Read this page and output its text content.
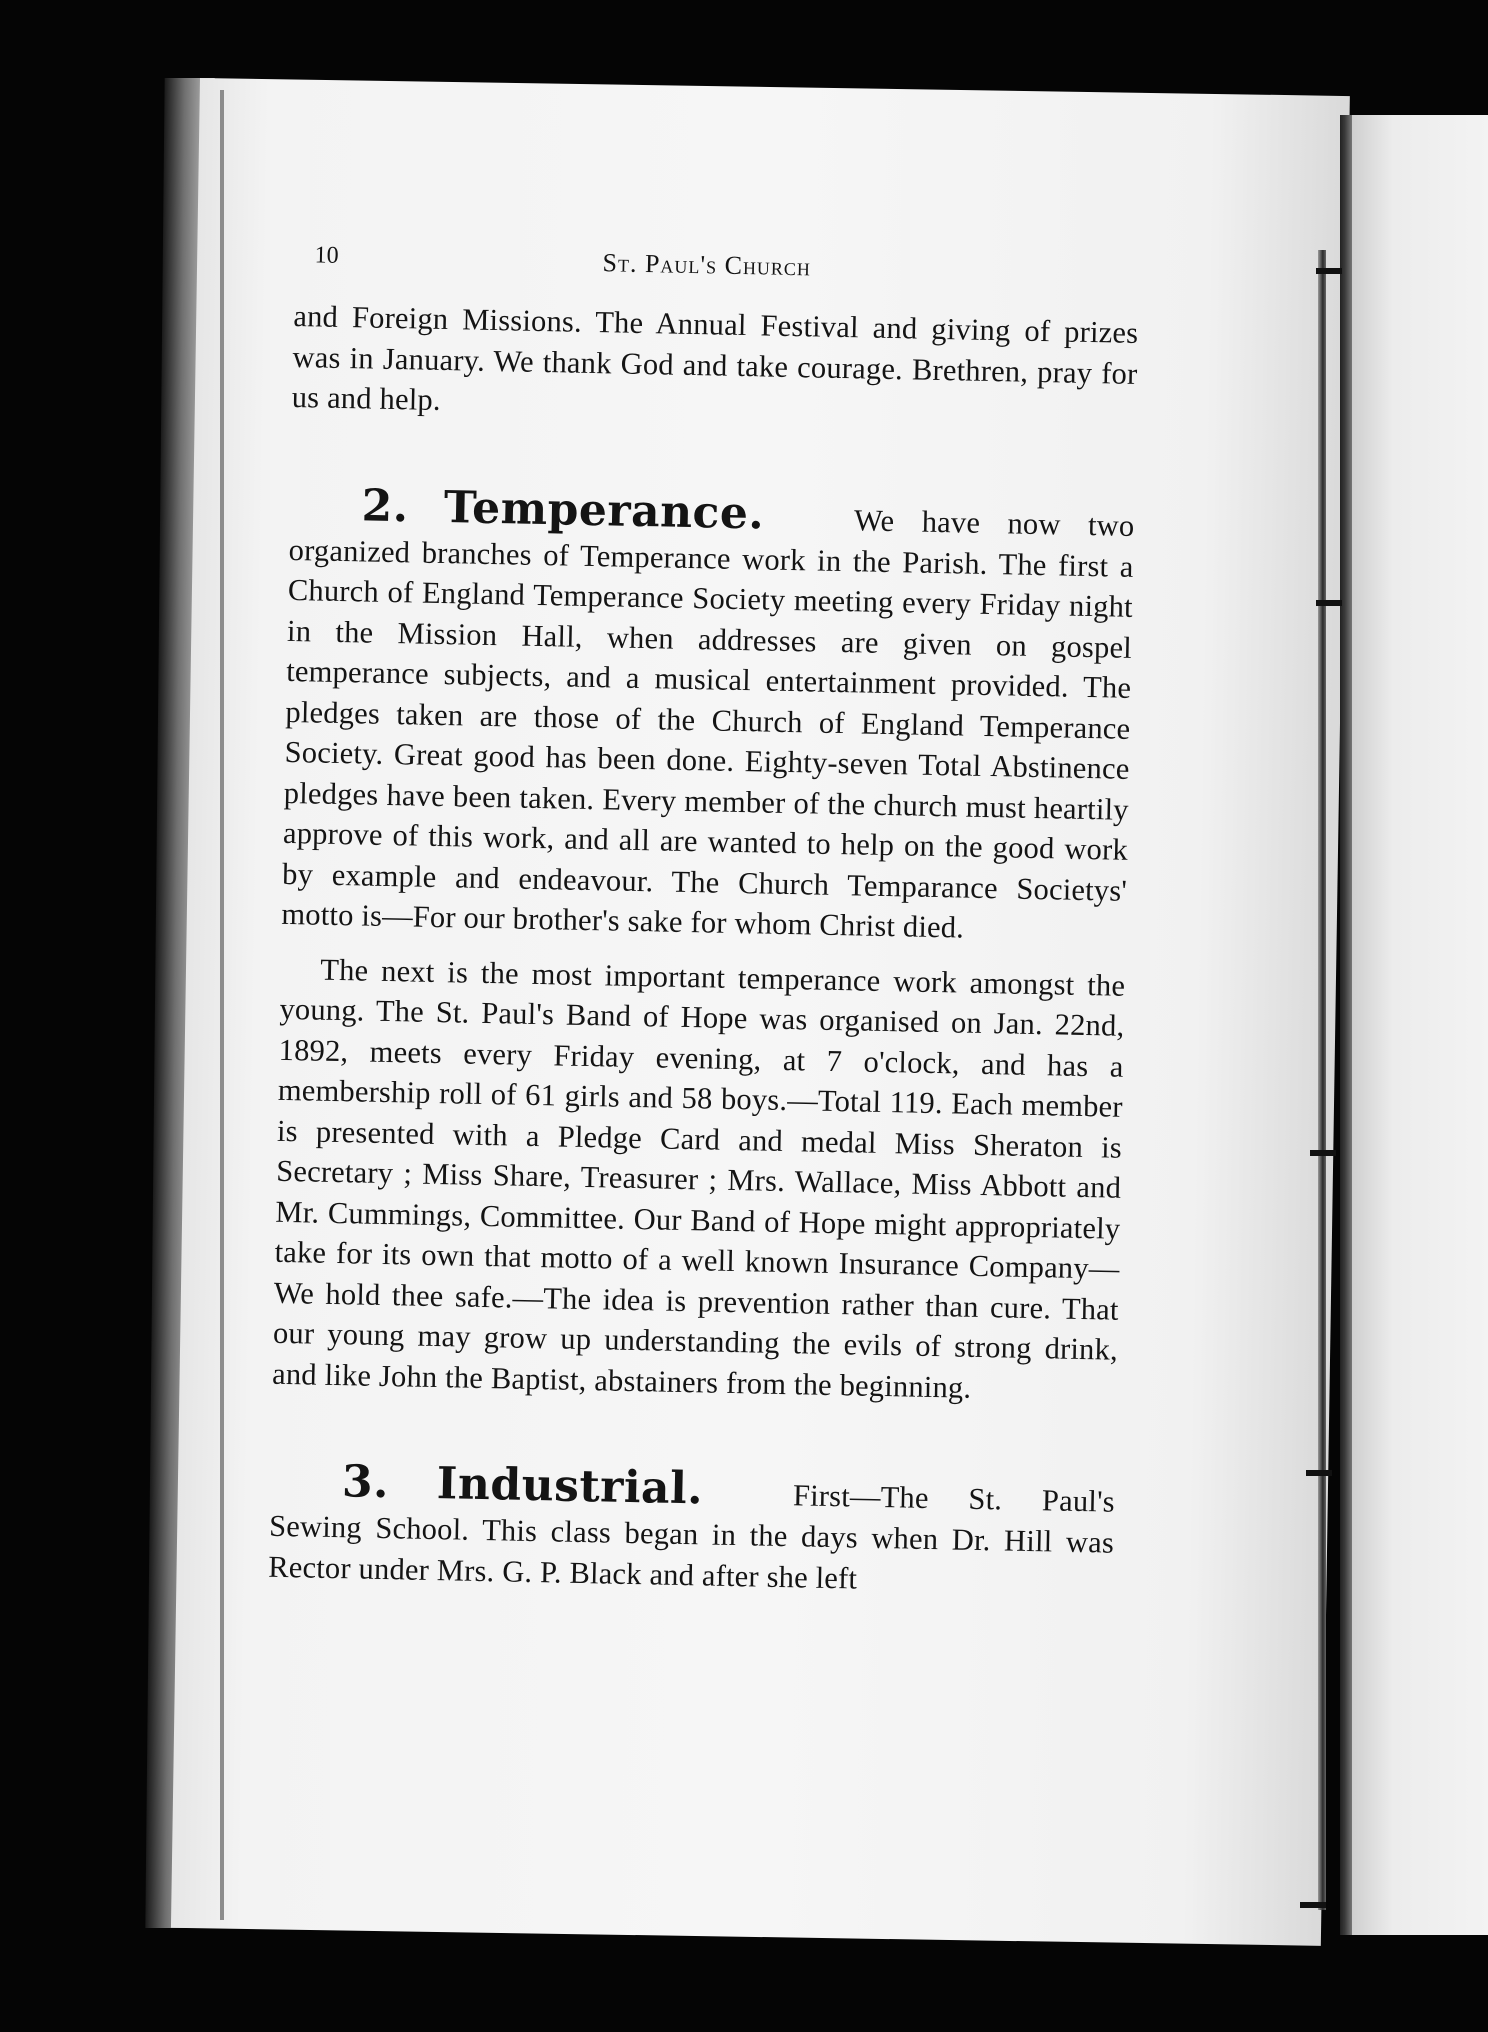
10	St. Paul's Church

and Foreign Missions. The Annual Festival and giving of prizes was in January. We thank God and take courage. Brethren, pray for us and help.

2. Temperance.	We have now two organized branches of Temperance work in the Parish. The first a Church of England Temperance Society meeting every Friday night in the Mission Hall, when addresses are given on gospel temperance subjects, and a musical entertainment provided. The pledges taken are those of the Church of England Temperance Society. Great good has been done. Eighty-seven Total Abstinence pledges have been taken. Every member of the church must heartily approve of this work, and all are wanted to help on the good work by example and endeavour. The Church Temparance Societys' motto is—For our brother's sake for whom Christ died.

The next is the most important temperance work amongst the young. The St. Paul's Band of Hope was organised on Jan. 22nd, 1892, meets every Friday evening, at 7 o'clock, and has a membership roll of 61 girls and 58 boys.—Total 119. Each member is presented with a Pledge Card and medal Miss Sheraton is Secretary ; Miss Share, Treasurer ; Mrs. Wallace, Miss Abbott and Mr. Cummings, Committee. Our Band of Hope might appropriately take for its own that motto of a well known Insurance Company—We hold thee safe.—The idea is prevention rather than cure. That our young may grow up understanding the evils of strong drink, and like John the Baptist, abstainers from the beginning.

3. Industrial.	First—The St. Paul's Sewing School. This class began in the days when Dr. Hill was Rector under Mrs. G. P. Black and after she left
